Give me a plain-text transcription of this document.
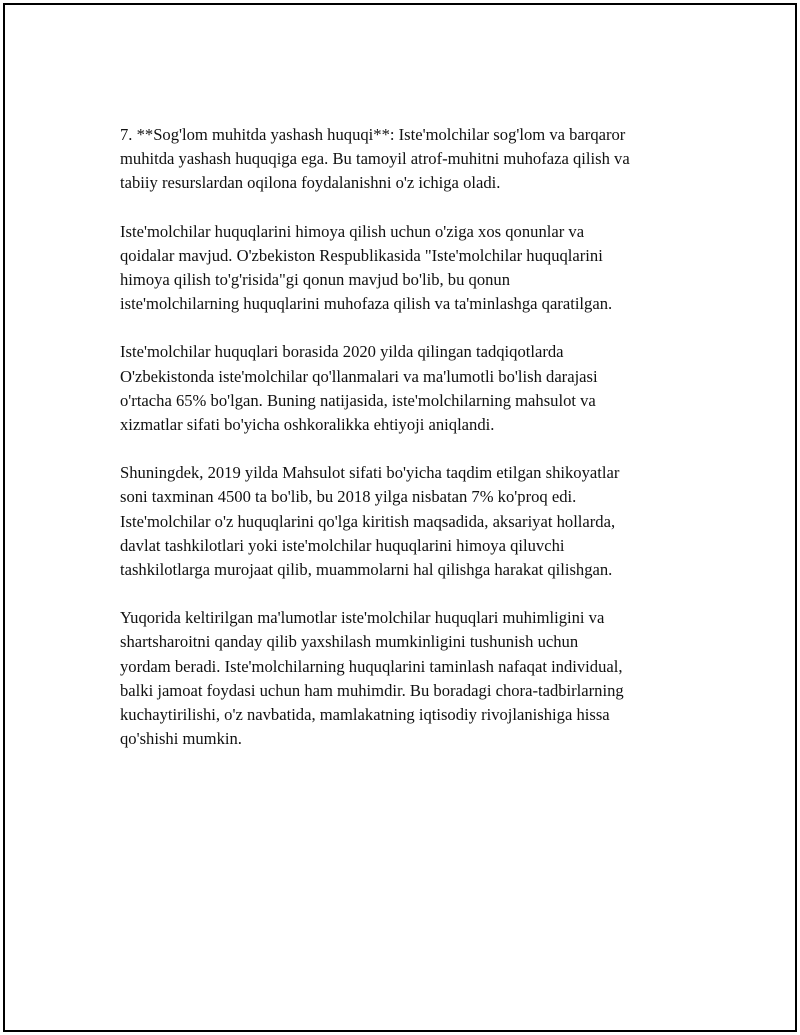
7. **Sog'lom muhitda yashash huquqi**: Iste'molchilar sog'lom va barqaror
muhitda yashash huquqiga ega. Bu tamoyil atrof-muhitni muhofaza qilish va
tabiiy resurslardan oqilona foydalanishni o'z ichiga oladi.

Iste'molchilar huquqlarini himoya qilish uchun o'ziga xos qonunlar va
qoidalar mavjud. O'zbekiston Respublikasida "Iste'molchilar huquqlarini
himoya qilish to'g'risida"gi qonun mavjud bo'lib, bu qonun
iste'molchilarning huquqlarini muhofaza qilish va ta'minlashga qaratilgan.

Iste'molchilar huquqlari borasida 2020 yilda qilingan tadqiqotlarda
O'zbekistonda iste'molchilar qo'llanmalari va ma'lumotli bo'lish darajasi
o'rtacha 65% bo'lgan. Buning natijasida, iste'molchilarning mahsulot va
xizmatlar sifati bo'yicha oshkoralikka ehtiyoji aniqlandi.

Shuningdek, 2019 yilda Mahsulot sifati bo'yicha taqdim etilgan shikoyatlar
soni taxminan 4500 ta bo'lib, bu 2018 yilga nisbatan 7% ko'proq edi.
Iste'molchilar o'z huquqlarini qo'lga kiritish maqsadida, aksariyat hollarda,
davlat tashkilotlari yoki iste'molchilar huquqlarini himoya qiluvchi
tashkilotlarga murojaat qilib, muammolarni hal qilishga harakat qilishgan.

Yuqorida keltirilgan ma'lumotlar iste'molchilar huquqlari muhimligini va
shartsharoitni qanday qilib yaxshilash mumkinligini tushunish uchun
yordam beradi. Iste'molchilarning huquqlarini taminlash nafaqat individual,
balki jamoat foydasi uchun ham muhimdir. Bu boradagi chora-tadbirlarning
kuchaytirilishi, o'z navbatida, mamlakatning iqtisodiy rivojlanishiga hissa
qo'shishi mumkin.
